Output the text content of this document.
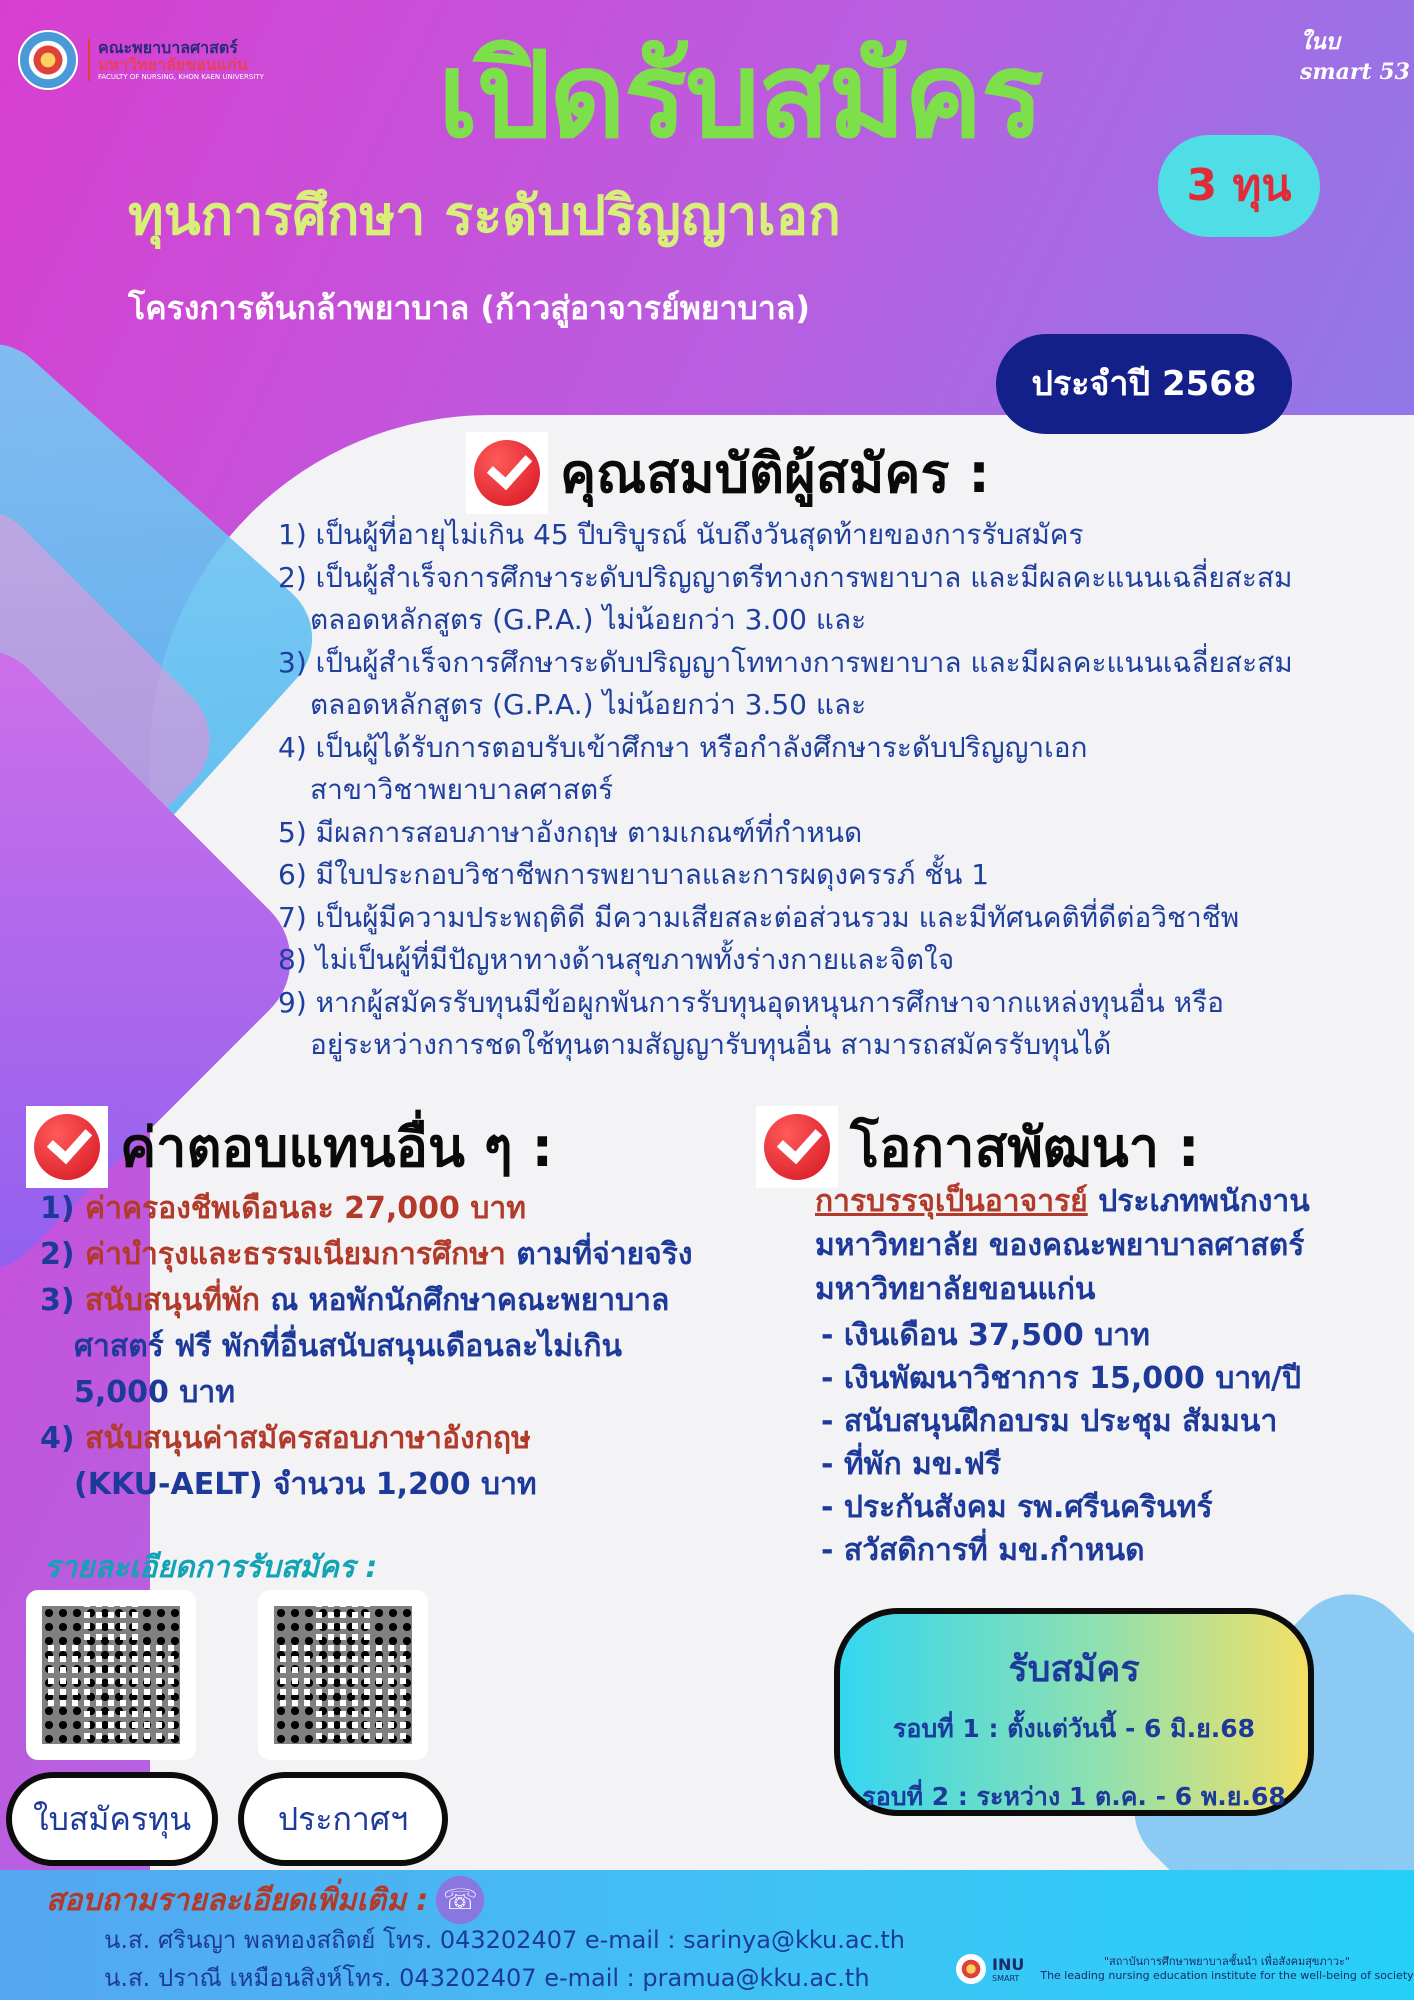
คณะพยาบาลศาสตร์
มหาวิทยาลัยขอนแก่น
FACULTY OF NURSING, KHON KAEN UNIVERSITY
ในบ smart 53
เปิดรับสมัคร
ทุนการศึกษา ระดับปริญญาเอก
โครงการต้นกล้าพยาบาล (ก้าวสู่อาจารย์พยาบาล)
3 ทุน
ประจำปี 2568
คุณสมบัติผู้สมัคร :
1) เป็นผู้ที่อายุไม่เกิน 45 ปีบริบูรณ์ นับถึงวันสุดท้ายของการรับสมัคร
2) เป็นผู้สำเร็จการศึกษาระดับปริญญาตรีทางการพยาบาล และมีผลคะแนนเฉลี่ยสะสม
ตลอดหลักสูตร (G.P.A.) ไม่น้อยกว่า 3.00 และ
3) เป็นผู้สำเร็จการศึกษาระดับปริญญาโททางการพยาบาล และมีผลคะแนนเฉลี่ยสะสม
ตลอดหลักสูตร (G.P.A.) ไม่น้อยกว่า 3.50 และ
4) เป็นผู้ได้รับการตอบรับเข้าศึกษา หรือกำลังศึกษาระดับปริญญาเอก
สาขาวิชาพยาบาลศาสตร์
5) มีผลการสอบภาษาอังกฤษ ตามเกณฑ์ที่กำหนด
6) มีใบประกอบวิชาชีพการพยาบาลและการผดุงครรภ์ ชั้น 1
7) เป็นผู้มีความประพฤติดี มีความเสียสละต่อส่วนรวม และมีทัศนคติที่ดีต่อวิชาชีพ
8) ไม่เป็นผู้ที่มีปัญหาทางด้านสุขภาพทั้งร่างกายและจิตใจ
9) หากผู้สมัครรับทุนมีข้อผูกพันการรับทุนอุดหนุนการศึกษาจากแหล่งทุนอื่น หรือ
อยู่ระหว่างการชดใช้ทุนตามสัญญารับทุนอื่น สามารถสมัครรับทุนได้
ค่าตอบแทนอื่น ๆ :
1) ค่าครองชีพเดือนละ 27,000 บาท
2) ค่าบำรุงและธรรมเนียมการศึกษา ตามที่จ่ายจริง
3) สนับสนุนที่พัก ณ หอพักนักศึกษาคณะพยาบาล
ศาสตร์ ฟรี พักที่อื่นสนับสนุนเดือนละไม่เกิน
5,000 บาท
4) สนับสนุนค่าสมัครสอบภาษาอังกฤษ
(KKU-AELT) จำนวน 1,200 บาท
โอกาสพัฒนา :
การบรรจุเป็นอาจารย์ ประเภทพนักงาน
มหาวิทยาลัย ของคณะพยาบาลศาสตร์
มหาวิทยาลัยขอนแก่น
- เงินเดือน 37,500 บาท
- เงินพัฒนาวิชาการ 15,000 บาท/ปี
- สนับสนุนฝึกอบรม ประชุม สัมมนา
- ที่พัก มข.ฟรี
- ประกันสังคม รพ.ศรีนครินทร์
- สวัสดิการที่ มข.กำหนด
รับสมัคร
รอบที่ 1 : ตั้งแต่วันนี้ - 6 มิ.ย.68
รอบที่ 2 : ระหว่าง 1 ต.ค. - 6 พ.ย.68
รายละเอียดการรับสมัคร :
ใบสมัครทุน	ประกาศฯ
สอบถามรายละเอียดเพิ่มเติม : ☏
น.ส. ศรินญา พลทองสถิตย์ โทร. 043202407 e-mail : sarinya@kku.ac.th
น.ส. ปราณี เหมือนสิงห์โทร. 043202407 e-mail : pramua@kku.ac.th	INU
SMART
"สถาบันการศึกษาพยาบาลชั้นนำ เพื่อสังคมสุขภาวะ"
The leading nursing education institute for the well-being of society
